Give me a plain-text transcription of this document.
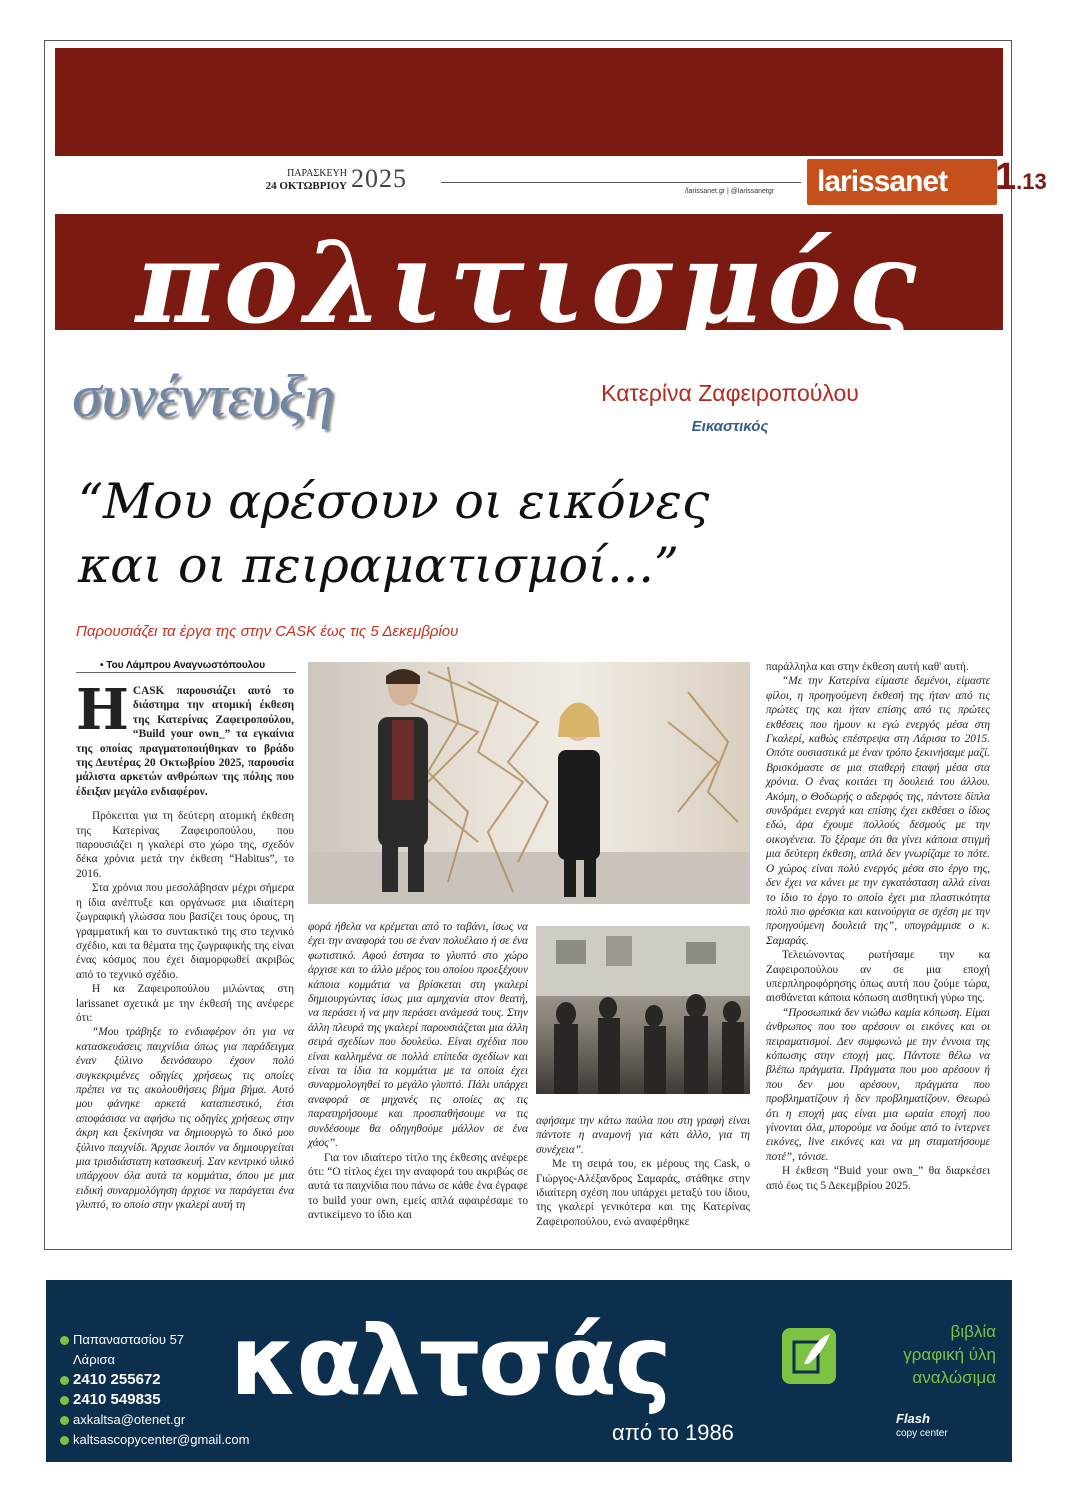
ΠΑΡΑΣΚΕΥΗ
24 ΟΚΤΩΒΡΙΟΥ 2025	/larissanet.gr | @larissanetgr larissanet 1.13
πολιτισμός
συνέντευξη	Κατερίνα Ζαφειροπούλου
Εικαστικός
“Μου αρέσουν οι εικόνες
και οι πειραματισμοί...”
Παρουσιάζει τα έργα της στην CASK έως τις 5 Δεκεμβρίου
• Του Λάμπρου Αναγνωστόπουλου

ΗCASK παρουσιάζει αυτό το διάστημα την ατομική έκθεση της Κατερίνας Ζαφειροπούλου, “Build your own_” τα εγκαίνια της οποίας πραγματοποιήθηκαν το βράδυ της Δευτέρας 20 Οκτωβρίου 2025, παρουσία μάλιστα αρκετών ανθρώπων της πόλης που έδειξαν μεγάλο ενδιαφέρον.

Πρόκειται για τη δεύτερη ατομική έκθεση της Κατερίνας Ζαφειροπούλου, που παρουσιάζει η γκαλερί στο χώρο της, σχεδόν δέκα χρόνια μετά την έκθεση “Habitus”, το 2016.

Στα χρόνια που μεσολάβησαν μέχρι σήμερα η ίδια ανέπτυξε και οργάνωσε μια ιδιαίτερη ζωγραφική γλώσσα που βασίζει τους όρους, τη γραμματική και το συντακτικό της στο τεχνικό σχέδιο, και τα θέματα της ζωγραφικής της είναι ένας κόσμος που έχει διαμορφωθεί ακριβώς από το τεχνικό σχέδιο.

Η κα Ζαφειροπούλου μιλώντας στη larissanet σχετικά με την έκθεσή της ανέφερε ότι:

“Μου τράβηξε το ενδιαφέρον ότι για να κατασκευάσεις παιχνίδια όπως για παράδειγμα έναν ξύλινο δεινόσαυρο έχουν πολύ συγκεκριμένες οδηγίες χρήσεως τις οποίες πρέπει να τις ακολουθήσεις βήμα βήμα. Αυτό μου φάνηκε αρκετά καταπιεστικό, έτσι αποφάσισα να αφήσω τις οδηγίες χρήσεως στην άκρη και ξεκίνησα να δημιουργώ το δικό μου ξύλινο παιχνίδι. Άρχισε λοιπόν να δημιουργείται μια τρισδιάστατη κατασκευή. Σαν κεντρικό υλικό υπάρχουν όλα αυτά τα κομμάτια, όπου με μια ειδική συναρμολόγηση άρχισε να παράγεται ένα γλυπτό, το οποίο στην γκαλερί αυτή τη

φορά ήθελα να κρέμεται από το ταβάνι, ίσως να έχει την αναφορά του σε έναν πολυέλαιο ή σε ένα φωτιστικό. Αφού έστησα το γλυπτό στο χώρο άρχισε και το άλλο μέρος του οποίου προεξέχουν κάποια κομμάτια να βρίσκεται στη γκαλερί δημιουργώντας ίσως μια αμηχανία στον θεατή, να περάσει ή να μην περάσει ανάμεσά τους. Στην άλλη πλευρά της γκαλερί παρουσιάζεται μια άλλη σειρά σχεδίων που δουλεύω. Είναι σχέδια που είναι καλλημένα σε πολλά επίπεδα σχεδίων και είναι τα ίδια τα κομμάτια με τα οποία έχει συναρμολογηθεί το μεγάλο γλυπτό. Πάλι υπάρχει αναφορά σε μηχανές τις οποίες ας τις παρατηρήσουμε και προσπαθήσουμε να τις συνδέσουμε θα οδηγηθούμε μάλλον σε ένα χάος”.

Για τον ιδιαίτερο τίτλο της έκθεσης ανέφερε ότι: “Ο τίτλος έχει την αναφορά του ακριβώς σε αυτά τα παιχνίδια που πάνω σε κάθε ένα έγραφε το build your own, εμείς απλά αφαιρέσαμε το αντικείμενο το ίδιο και

αφήσαμε την κάτω παύλα που στη γραφή είναι πάντοτε η αναμονή για κάτι άλλο, για τη συνέχεια”.

Με τη σειρά του, εκ μέρους της Cask, ο Γιώργος-Αλέξανδρος Σαμαράς, στάθηκε στην ιδιαίτερη σχέση που υπάρχει μεταξύ του ίδιου, της γκαλερί γενικότερα και της Κατερίνας Ζαφειροπούλου, ενώ αναφέρθηκε

παράλληλα και στην έκθεση αυτή καθ' αυτή.

“Με την Κατερίνα είμαστε δεμένοι, είμαστε φίλοι, η προηγούμενη έκθεσή της ήταν από τις πρώτες της και ήταν επίσης από τις πρώτες εκθέσεις που ήμουν κι εγώ ενεργός μέσα στη Γκαλερί, καθώς επέστρεψα στη Λάρισα το 2015. Οπότε ουσιαστικά με έναν τρόπο ξεκινήσαμε μαζί. Βρισκόμαστε σε μια σταθερή επαφή μέσα στα χρόνια. Ο ένας κοιτάει τη δουλειά του άλλου. Ακόμη, ο Θοδωρής ο αδερφός της, πάντοτε δίπλα συνδράμει ενεργά και επίσης έχει εκθέσει ο ίδιος εδώ, άρα έχουμε πολλούς δεσμούς με την οικογένεια. Το ξέραμε ότι θα γίνει κάποια στιγμή μια δεύτερη έκθεση, απλά δεν γνωρίζαμε το πότε. Ο χώρος είναι πολύ ενεργός μέσα στο έργο της, δεν έχει να κάνει με την εγκατάσταση αλλά είναι το ίδιο το έργο το οποίο έχει μια πλαστικότητα πολύ πιο φρέσκια και καινούργια σε σχέση με την προηγούμενη δουλειά της”, υπογράμμισε ο κ. Σαμαράς.

Τελειώνοντας ρωτήσαμε την κα Ζαφειροπούλου αν σε μια εποχή υπερπληροφόρησης όπως αυτή που ζούμε τώρα, αισθάνεται κάποια κόπωση αισθητική γύρω της.

“Προσωπικά δεν νιώθω καμία κόπωση. Είμαι άνθρωπος που του αρέσουν οι εικόνες και οι πειραματισμοί. Δεν συμφωνώ με την έννοια της κόπωσης στην εποχή μας. Πάντοτε θέλω να βλέπω πράγματα. Πράγματα που μου αρέσουν ή που δεν μου αρέσουν, πράγματα που προβληματίζουν ή δεν προβληματίζουν. Θεωρώ ότι η εποχή μας είναι μια ωραία εποχή που γίνονται όλα, μπορούμε να δούμε από το ίντερνετ εικόνες, live εικόνες και να μη σταματήσουμε ποτέ”, τόνισε.

Η έκθεση “Buid your own_” θα διαρκέσει από έως τις 5 Δεκεμβρίου 2025.

Παπαναστασίου 57
Λάρισα
2410 255672
2410 549835
axkaltsa@otenet.gr
kaltsascopycenter@gmail.com
καλτσάς
από το 1986
βιβλία
γραφική ύλη
αναλώσιμα
Flash
copy center
